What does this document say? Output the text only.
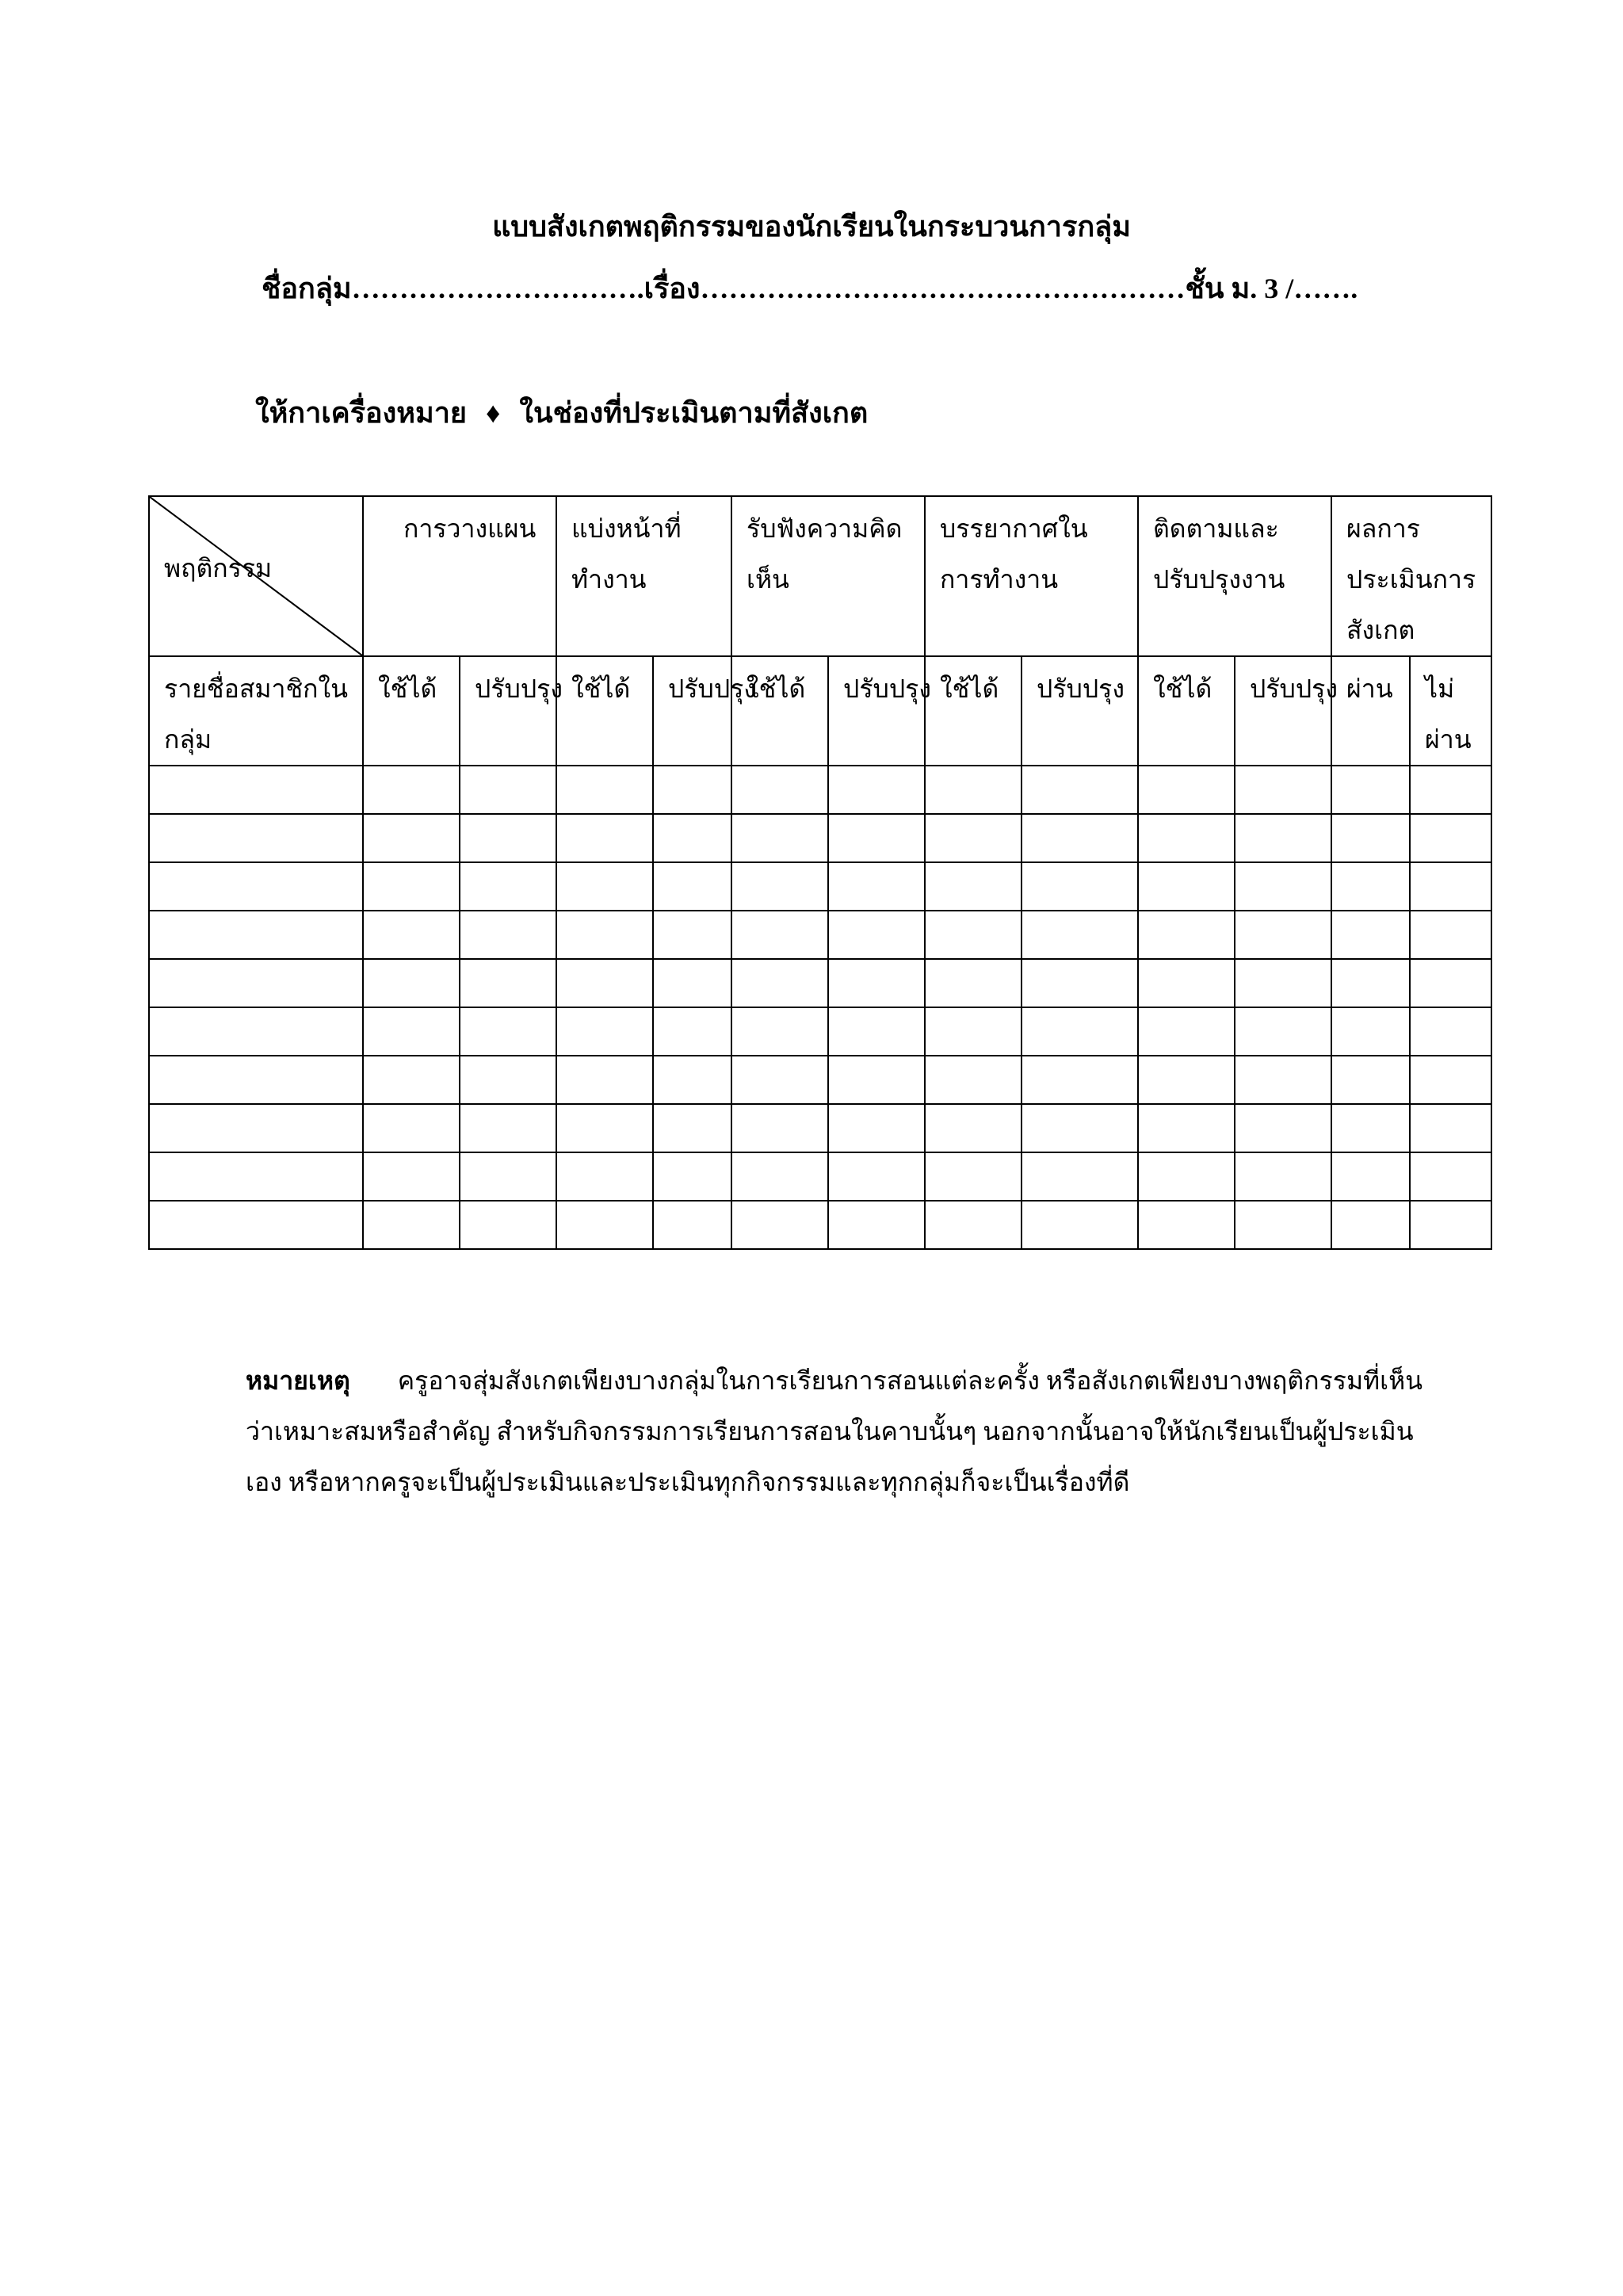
แบบสังเกตพฤติกรรมของนักเรียนในกระบวนการกลุ่ม
ชื่อกลุ่ม………………………….เรื่อง……………………………………………ชั้น ม. 3 /…….
ให้กาเครื่องหมาย ♦ ในช่องที่ประเมินตามที่สังเกต
พฤติกรรม	การวางแผน		แบ่งหน้าที่ทำงาน		รับฟังความคิดเห็น		บรรยากาศในการทำงาน		ติดตามและปรับปรุงงาน		ผลการประเมินการสังเกต	
รายชื่อสมาชิกในกลุ่ม	ใช้ได้	ปรับปรุง	ใช้ได้	ปรับปรุง	ใช้ได้	ปรับปรุง	ใช้ได้	ปรับปรุง	ใช้ได้	ปรับปรุง	ผ่าน	ไม่ผ่าน

หมายเหตุ ครูอาจสุ่มสังเกตเพียงบางกลุ่มในการเรียนการสอนแต่ละครั้ง หรือสังเกตเพียงบางพฤติกรรมที่เห็นว่าเหมาะสมหรือสำคัญ สำหรับกิจกรรมการเรียนการสอนในคาบนั้นๆ นอกจากนั้นอาจให้นักเรียนเป็นผู้ประเมินเอง หรือหากครูจะเป็นผู้ประเมินและประเมินทุกกิจกรรมและทุกกลุ่มก็จะเป็นเรื่องที่ดี
